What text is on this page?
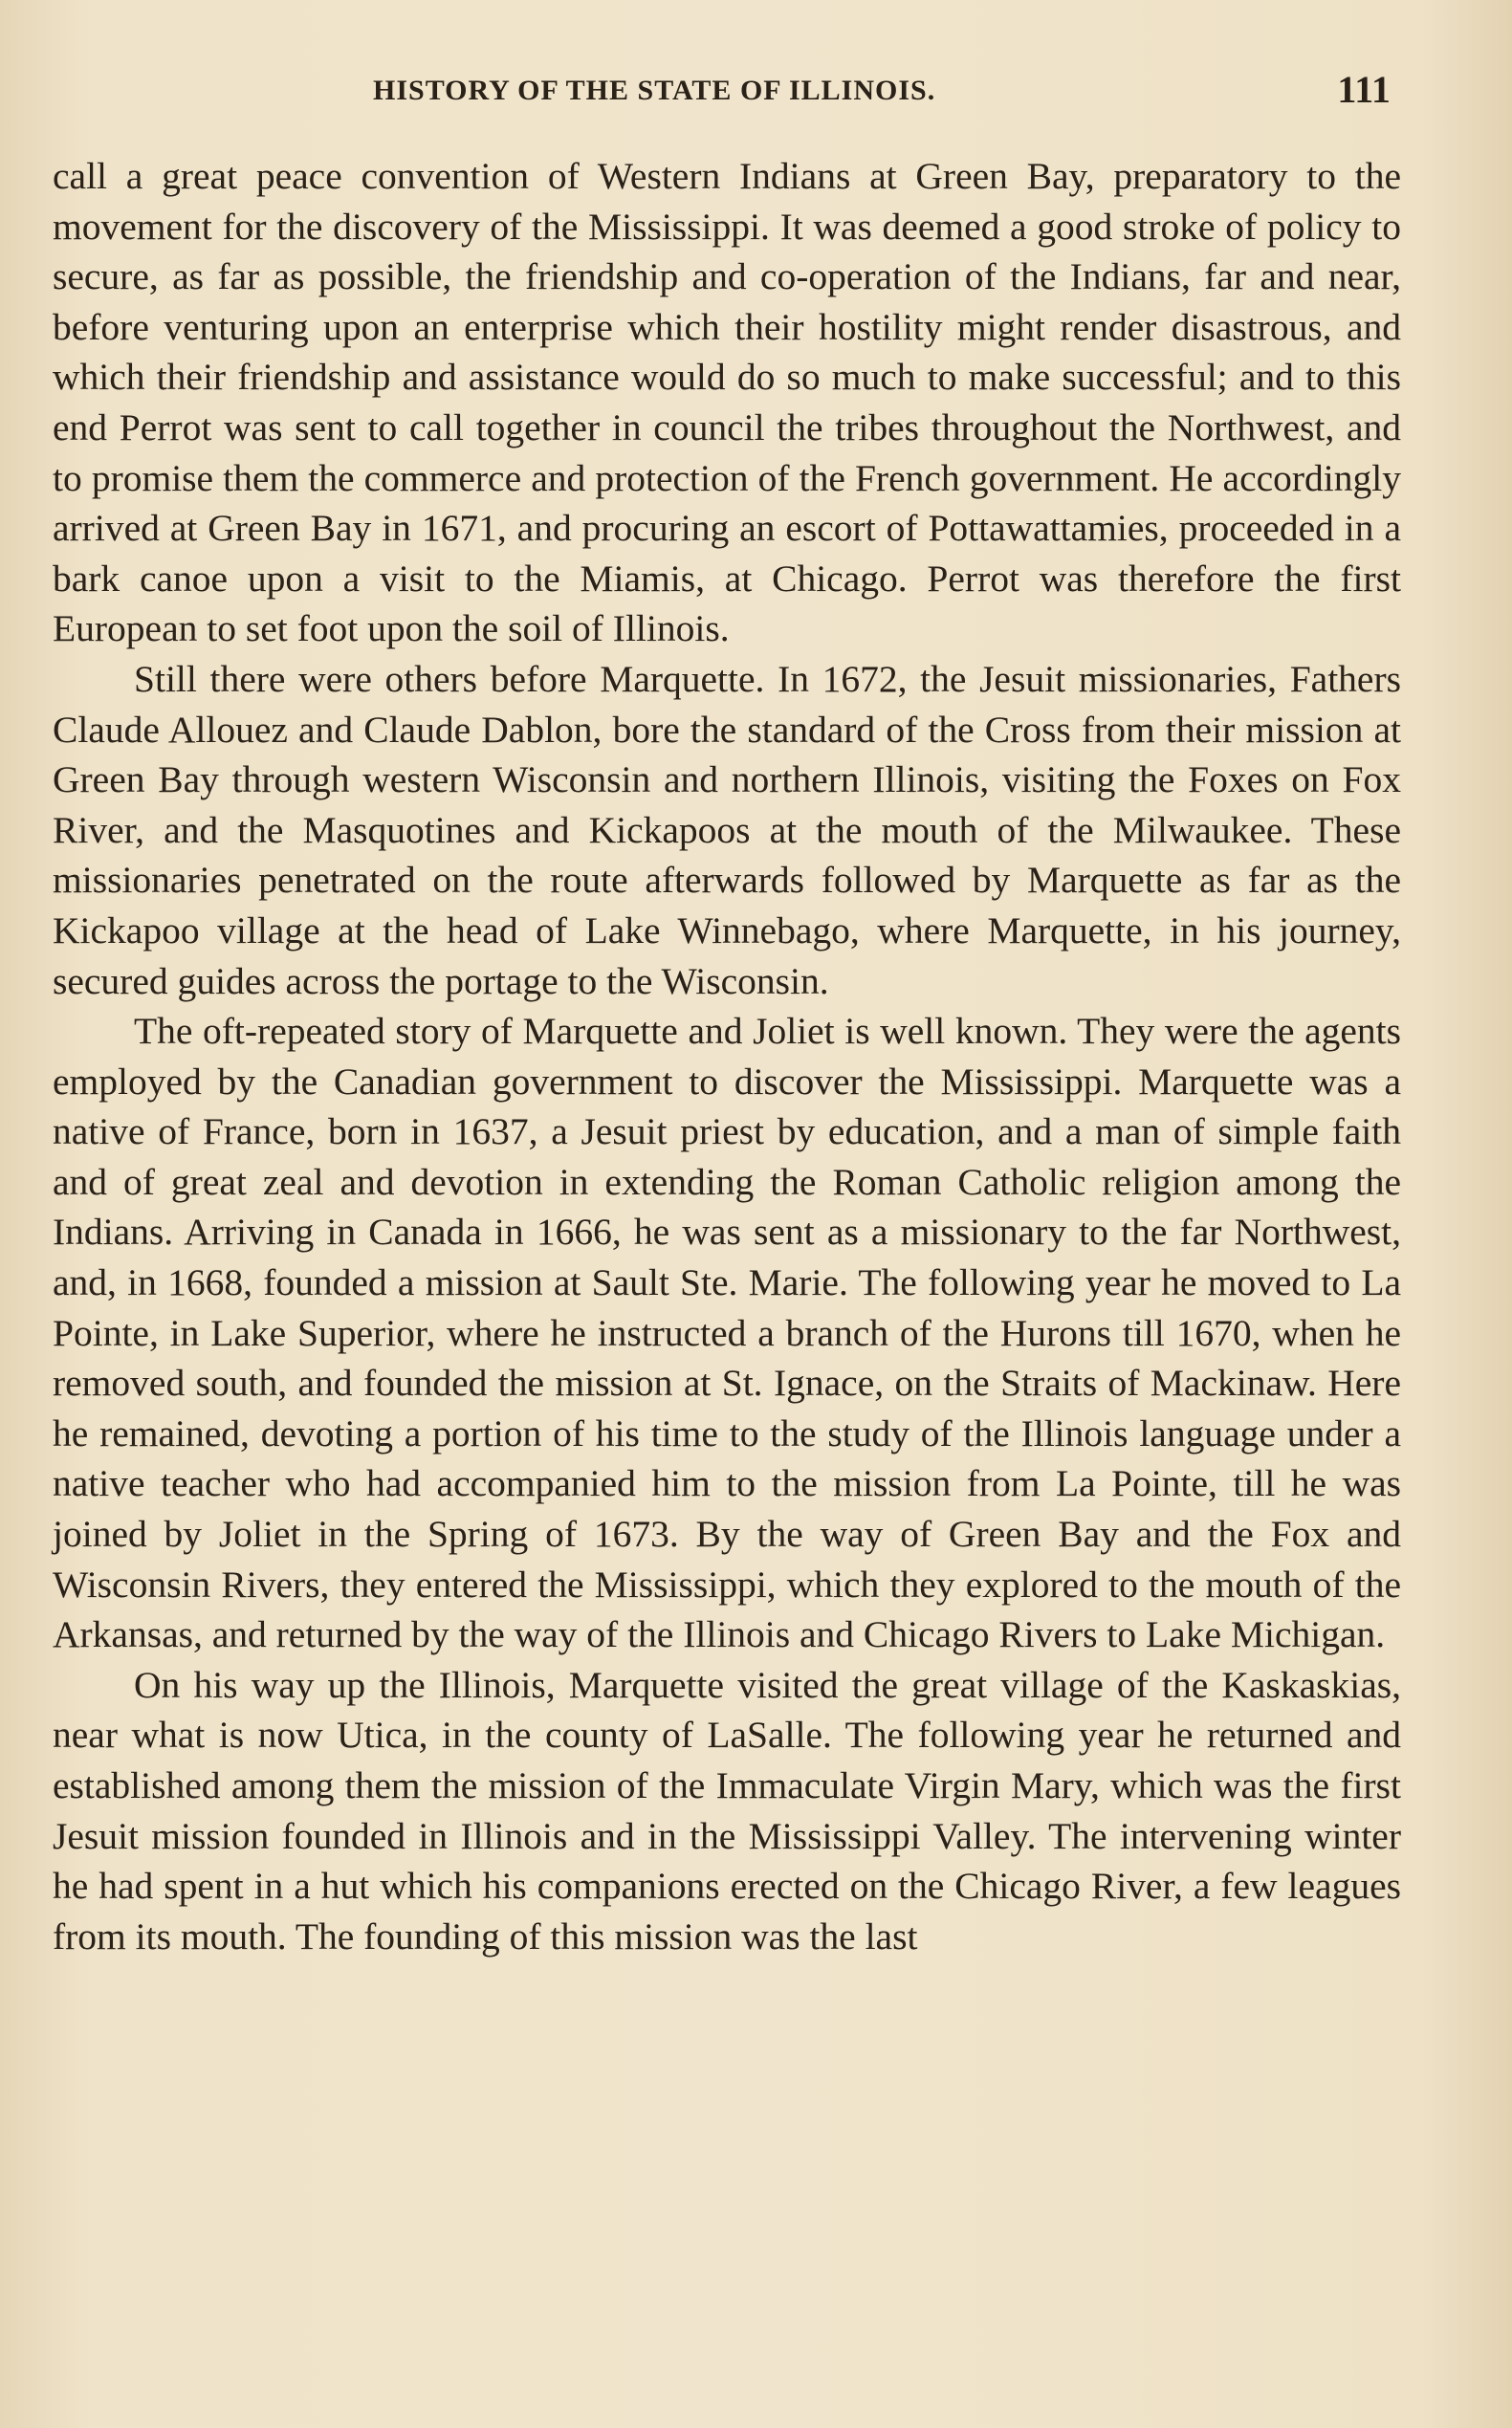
HISTORY OF THE STATE OF ILLINOIS.	111

call a great peace convention of Western Indians at Green Bay, preparatory to the movement for the discovery of the Mississippi. It was deemed a good stroke of policy to secure, as far as possible, the friendship and co-operation of the Indians, far and near, before venturing upon an enterprise which their hostility might render disastrous, and which their friendship and assistance would do so much to make successful; and to this end Perrot was sent to call together in council the tribes throughout the Northwest, and to promise them the commerce and protection of the French government. He accordingly arrived at Green Bay in 1671, and procuring an escort of Pottawattamies, proceeded in a bark canoe upon a visit to the Miamis, at Chicago. Perrot was therefore the first European to set foot upon the soil of Illinois.

Still there were others before Marquette. In 1672, the Jesuit missionaries, Fathers Claude Allouez and Claude Dablon, bore the standard of the Cross from their mission at Green Bay through western Wisconsin and northern Illinois, visiting the Foxes on Fox River, and the Masquotines and Kickapoos at the mouth of the Milwaukee. These missionaries penetrated on the route afterwards followed by Marquette as far as the Kickapoo village at the head of Lake Winnebago, where Marquette, in his journey, secured guides across the portage to the Wisconsin.

The oft-repeated story of Marquette and Joliet is well known. They were the agents employed by the Canadian government to discover the Mississippi. Marquette was a native of France, born in 1637, a Jesuit priest by education, and a man of simple faith and of great zeal and devotion in extending the Roman Catholic religion among the Indians. Arriving in Canada in 1666, he was sent as a missionary to the far Northwest, and, in 1668, founded a mission at Sault Ste. Marie. The following year he moved to La Pointe, in Lake Superior, where he instructed a branch of the Hurons till 1670, when he removed south, and founded the mission at St. Ignace, on the Straits of Mackinaw. Here he remained, devoting a portion of his time to the study of the Illinois language under a native teacher who had accompanied him to the mission from La Pointe, till he was joined by Joliet in the Spring of 1673. By the way of Green Bay and the Fox and Wisconsin Rivers, they entered the Mississippi, which they explored to the mouth of the Arkansas, and returned by the way of the Illinois and Chicago Rivers to Lake Michigan.

On his way up the Illinois, Marquette visited the great village of the Kaskaskias, near what is now Utica, in the county of LaSalle. The following year he returned and established among them the mission of the Immaculate Virgin Mary, which was the first Jesuit mission founded in Illinois and in the Mississippi Valley. The intervening winter he had spent in a hut which his companions erected on the Chicago River, a few leagues from its mouth. The founding of this mission was the last
